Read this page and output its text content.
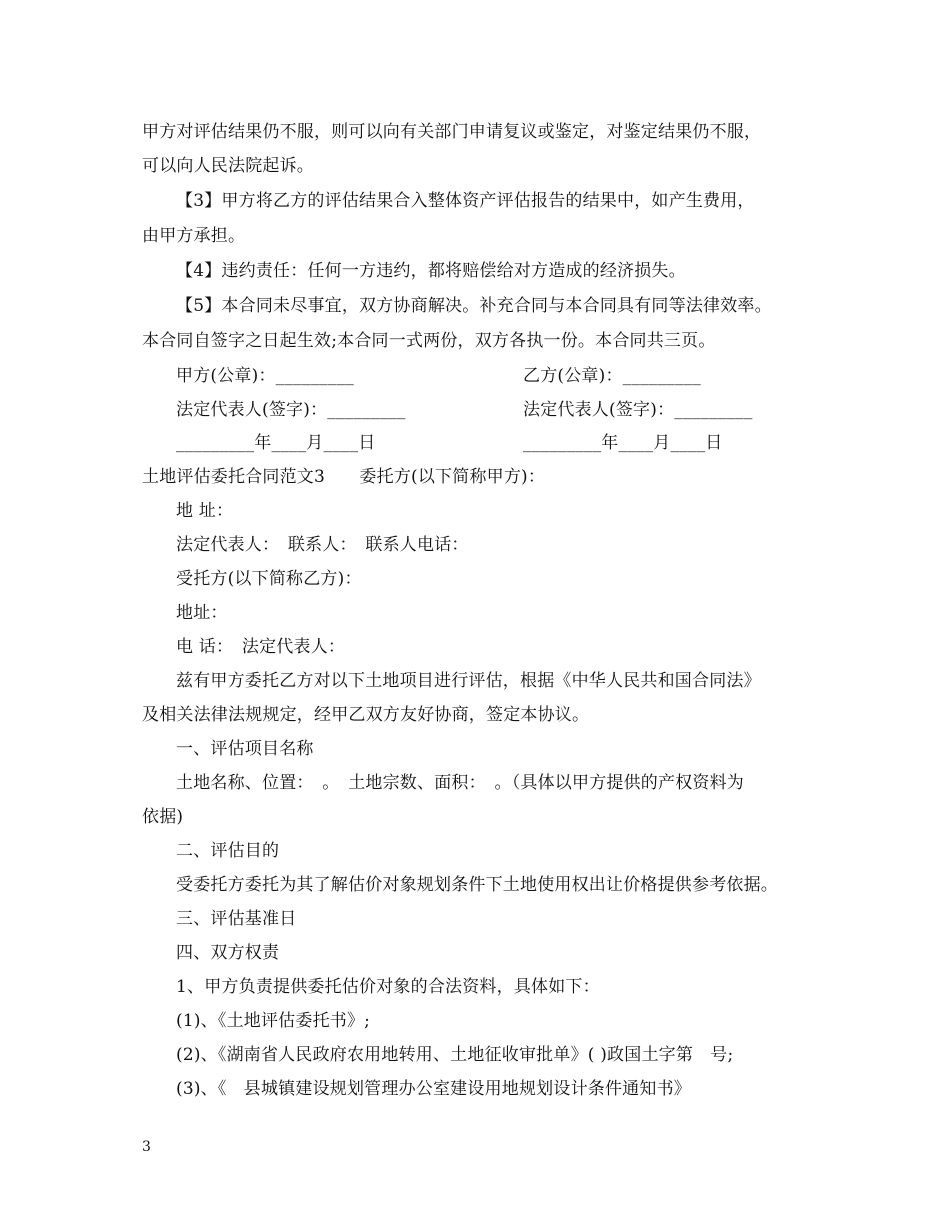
甲方对评估结果仍不服，则可以向有关部门申请复议或鉴定，对鉴定结果仍不服，
可以向人民法院起诉。
【3】甲方将乙方的评估结果合入整体资产评估报告的结果中，如产生费用，
由甲方承担。
【4】违约责任：任何一方违约，都将赔偿给对方造成的经济损失。
【5】本合同未尽事宜，双方协商解决。补充合同与本合同具有同等法律效率。
本合同自签字之日起生效;本合同一式两份，双方各执一份。本合同共三页。
甲方(公章)：_________	乙方(公章)：_________
法定代表人(签字)：_________	法定代表人(签字)：_________
_________年____月____日	_________年____月____日
土地评估委托合同范文3　　委托方(以下简称甲方)：
地 址：
法定代表人：　联系人：　联系人电话：
受托方(以下简称乙方)：
地址：
电 话：　法定代表人：
兹有甲方委托乙方对以下土地项目进行评估，根据《中华人民共和国合同法》
及相关法律法规规定，经甲乙双方友好协商，签定本协议。
一、评估项目名称
土地名称、位置：　。　土地宗数、面积：　。（具体以甲方提供的产权资料为
依据)
二、评估目的
受委托方委托为其了解估价对象规划条件下土地使用权出让价格提供参考依据。
三、评估基准日
四、双方权责
1、甲方负责提供委托估价对象的合法资料，具体如下：
(1)、《土地评估委托书》;
(2)、《湖南省人民政府农用地转用、土地征收审批单》( )政国土字第　号;
(3)、《　县城镇建设规划管理办公室建设用地规划设计条件通知书》
3
